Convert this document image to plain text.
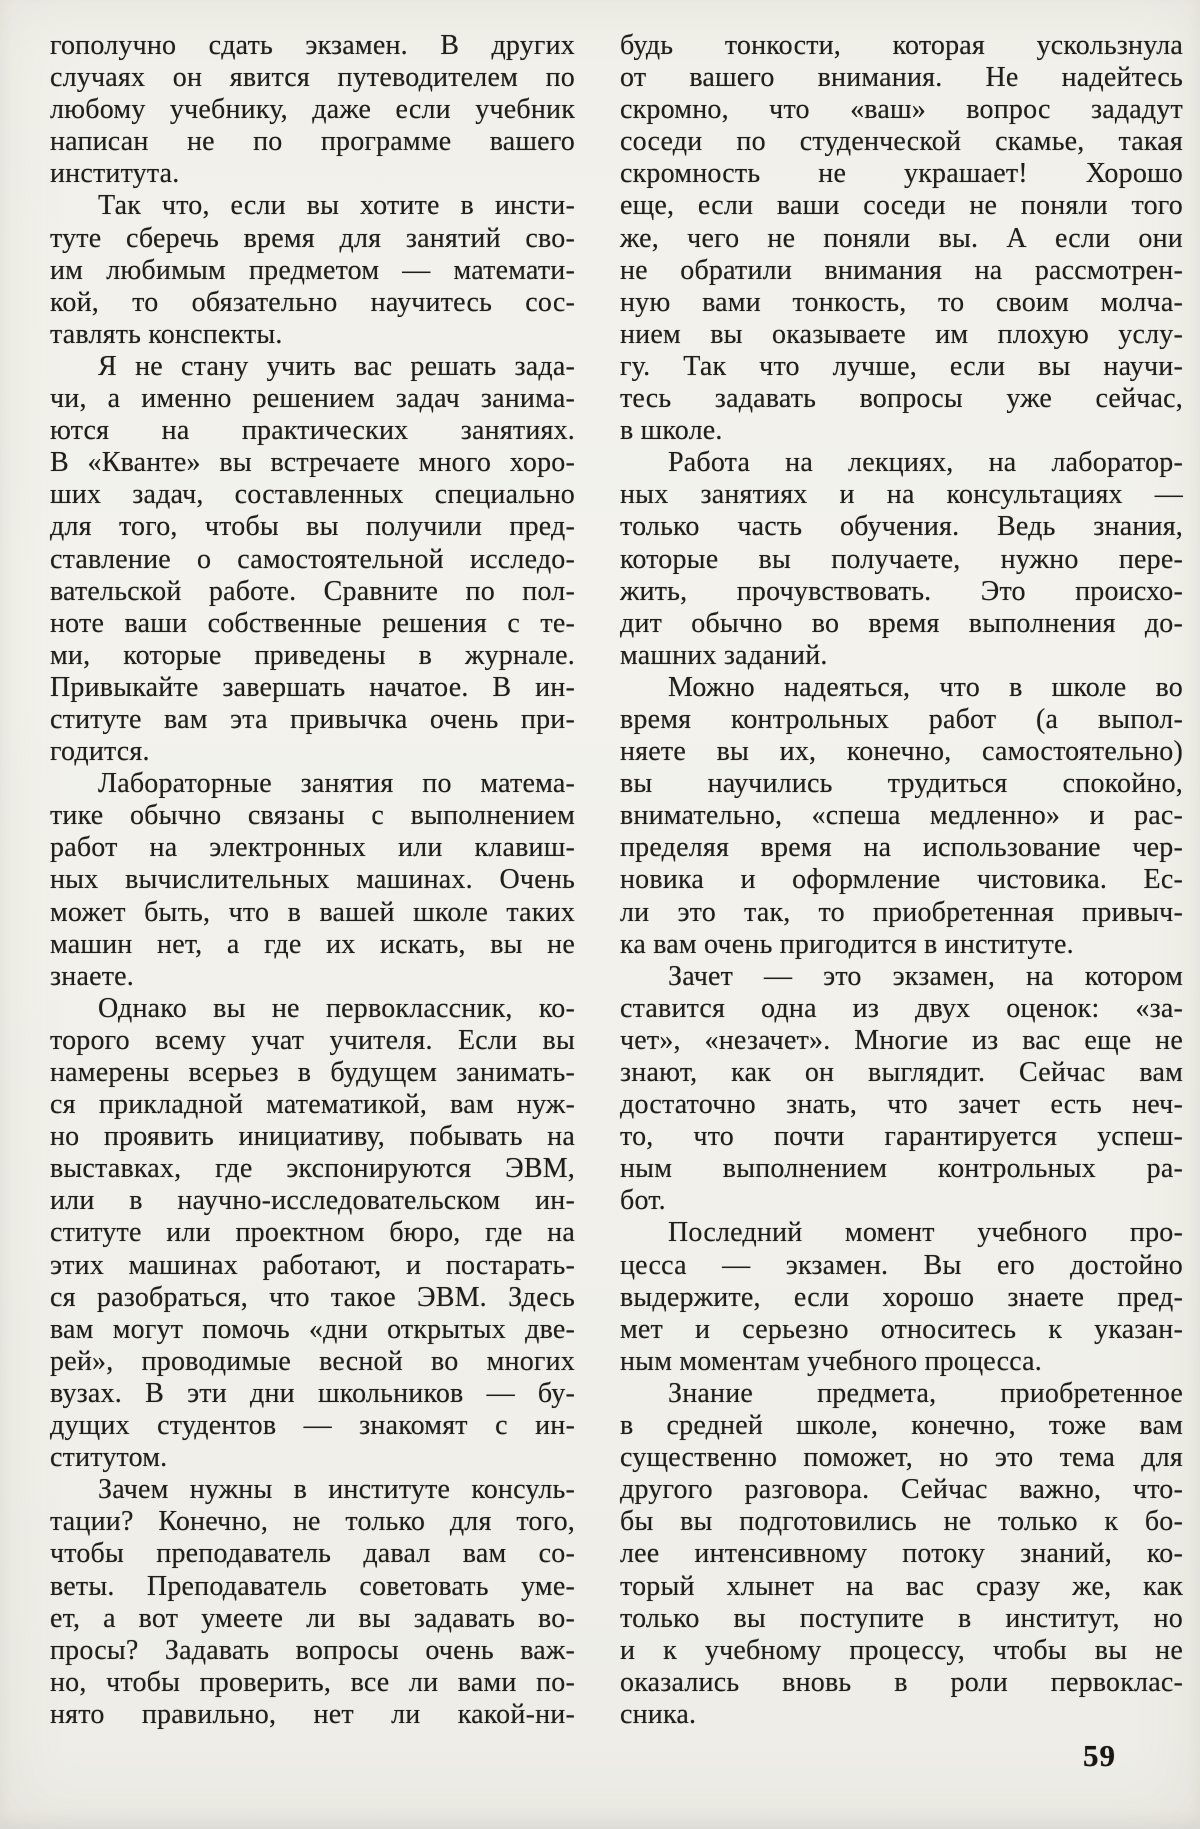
гополучно сдать экзамен. В других
случаях он явится путеводителем по
любому учебнику, даже если учебник
написан не по программе вашего
института.
Так что, если вы хотите в инсти-
туте сберечь время для занятий сво-
им любимым предметом — математи-
кой, то обязательно научитесь сос-
тавлять конспекты.
Я не стану учить вас решать зада-
чи, а именно решением задач занима-
ются на практических занятиях.
В «Кванте» вы встречаете много хоро-
ших задач, составленных специально
для того, чтобы вы получили пред-
ставление о самостоятельной исследо-
вательской работе. Сравните по пол-
ноте ваши собственные решения с те-
ми, которые приведены в журнале.
Привыкайте завершать начатое. В ин-
ституте вам эта привычка очень при-
годится.
Лабораторные занятия по матема-
тике обычно связаны с выполнением
работ на электронных или клавиш-
ных вычислительных машинах. Очень
может быть, что в вашей школе таких
машин нет, а где их искать, вы не
знаете.
Однако вы не первоклассник, ко-
торого всему учат учителя. Если вы
намерены всерьез в будущем занимать-
ся прикладной математикой, вам нуж-
но проявить инициативу, побывать на
выставках, где экспонируются ЭВМ,
или в научно-исследовательском ин-
ституте или проектном бюро, где на
этих машинах работают, и постарать-
ся разобраться, что такое ЭВМ. Здесь
вам могут помочь «дни открытых две-
рей», проводимые весной во многих
вузах. В эти дни школьников — бу-
дущих студентов — знакомят с ин-
ститутом.
Зачем нужны в институте консуль-
тации? Конечно, не только для того,
чтобы преподаватель давал вам со-
веты. Преподаватель советовать уме-
ет, а вот умеете ли вы задавать во-
просы? Задавать вопросы очень важ-
но, чтобы проверить, все ли вами по-
нято правильно, нет ли какой-ни-
будь тонкости, которая ускользнула
от вашего внимания. Не надейтесь
скромно, что «ваш» вопрос зададут
соседи по студенческой скамье, такая
скромность не украшает! Хорошо
еще, если ваши соседи не поняли того
же, чего не поняли вы. А если они
не обратили внимания на рассмотрен-
ную вами тонкость, то своим молча-
нием вы оказываете им плохую услу-
гу. Так что лучше, если вы научи-
тесь задавать вопросы уже сейчас,
в школе.
Работа на лекциях, на лаборатор-
ных занятиях и на консультациях —
только часть обучения. Ведь знания,
которые вы получаете, нужно пере-
жить, прочувствовать. Это происхо-
дит обычно во время выполнения до-
машних заданий.
Можно надеяться, что в школе во
время контрольных работ (а выпол-
няете вы их, конечно, самостоятельно)
вы научились трудиться спокойно,
внимательно, «спеша медленно» и рас-
пределяя время на использование чер-
новика и оформление чистовика. Ес-
ли это так, то приобретенная привыч-
ка вам очень пригодится в институте.
Зачет — это экзамен, на котором
ставится одна из двух оценок: «за-
чет», «незачет». Многие из вас еще не
знают, как он выглядит. Сейчас вам
достаточно знать, что зачет есть неч-
то, что почти гарантируется успеш-
ным выполнением контрольных ра-
бот.
Последний момент учебного про-
цесса — экзамен. Вы его достойно
выдержите, если хорошо знаете пред-
мет и серьезно относитесь к указан-
ным моментам учебного процесса.
Знание предмета, приобретенное
в средней школе, конечно, тоже вам
существенно поможет, но это тема для
другого разговора. Сейчас важно, что-
бы вы подготовились не только к бо-
лее интенсивному потоку знаний, ко-
торый хлынет на вас сразу же, как
только вы поступите в институт, но
и к учебному процессу, чтобы вы не
оказались вновь в роли первоклас-
сника.
59
